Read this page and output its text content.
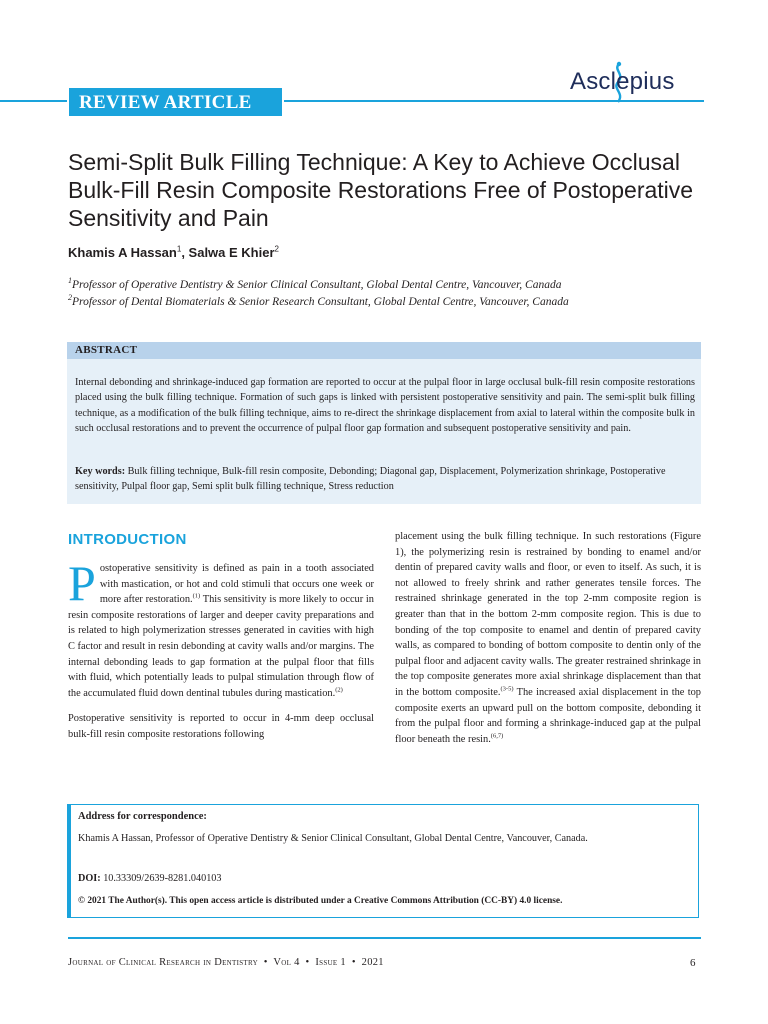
REVIEW ARTICLE
Asclepius
Semi-Split Bulk Filling Technique: A Key to Achieve Occlusal Bulk-Fill Resin Composite Restorations Free of Postoperative Sensitivity and Pain
Khamis A Hassan$^1$, Salwa E Khier$^2$
$^1$Professor of Operative Dentistry & Senior Clinical Consultant, Global Dental Centre, Vancouver, Canada
$^2$Professor of Dental Biomaterials & Senior Research Consultant, Global Dental Centre, Vancouver, Canada
ABSTRACT

Internal debonding and shrinkage-induced gap formation are reported to occur at the pulpal floor in large occlusal bulk-fill resin composite restorations placed using the bulk filling technique. Formation of such gaps is linked with persistent postoperative sensitivity and pain. The semi-split bulk filling technique, as a modification of the bulk filling technique, aims to re-direct the shrinkage displacement from axial to lateral within the composite bulk in such occlusal restorations and to prevent the occurrence of pulpal floor gap formation and subsequent postoperative sensitivity and pain.

Key words: Bulk filling technique, Bulk-fill resin composite, Debonding; Diagonal gap, Displacement, Polymerization shrinkage, Postoperative sensitivity, Pulpal floor gap, Semi split bulk filling technique, Stress reduction

INTRODUCTION

Postoperative sensitivity is defined as pain in a tooth associated with mastication, or hot and cold stimuli that occurs one week or more after restoration.$^{(1)}$ This sensitivity is more likely to occur in resin composite restorations of larger and deeper cavity preparations and is related to high polymerization stresses generated in cavities with high C factor and result in resin debonding at cavity walls and/or margins. The internal debonding leads to gap formation at the pulpal floor that fills with fluid, which potentially leads to pulpal stimulation through flow of the accumulated fluid down dentinal tubules during mastication.$^{(2)}$

Postoperative sensitivity is reported to occur in 4-mm deep occlusal bulk-fill resin composite restorations following

placement using the bulk filling technique. In such restorations (Figure 1), the polymerizing resin is restrained by bonding to enamel and/or dentin of prepared cavity walls and floor, or even to itself. As such, it is not allowed to freely shrink and rather generates tensile forces. The restrained shrinkage generated in the top 2-mm composite region is greater than that in the bottom 2-mm composite region. This is due to bonding of the top composite to enamel and dentin of prepared cavity walls, as compared to bonding of bottom composite to dentin only of the pulpal floor and adjacent cavity walls. The greater restrained shrinkage in the top composite generates more axial shrinkage displacement than that in the bottom composite.$^{(3-5)}$ The increased axial displacement in the top composite exerts an upward pull on the bottom composite, debonding it from the pulpal floor and forming a shrinkage-induced gap at the pulpal floor beneath the resin.$^{(6,7)}$

Address for correspondence:

Khamis A Hassan, Professor of Operative Dentistry & Senior Clinical Consultant, Global Dental Centre, Vancouver, Canada.

DOI: 10.33309/2639-8281.040103
© 2021 The Author(s). This open access article is distributed under a Creative Commons Attribution (CC-BY) 4.0 license.
Journal of Clinical Research in Dentistry  •  Vol 4  •  Issue 1  •  2021	6
